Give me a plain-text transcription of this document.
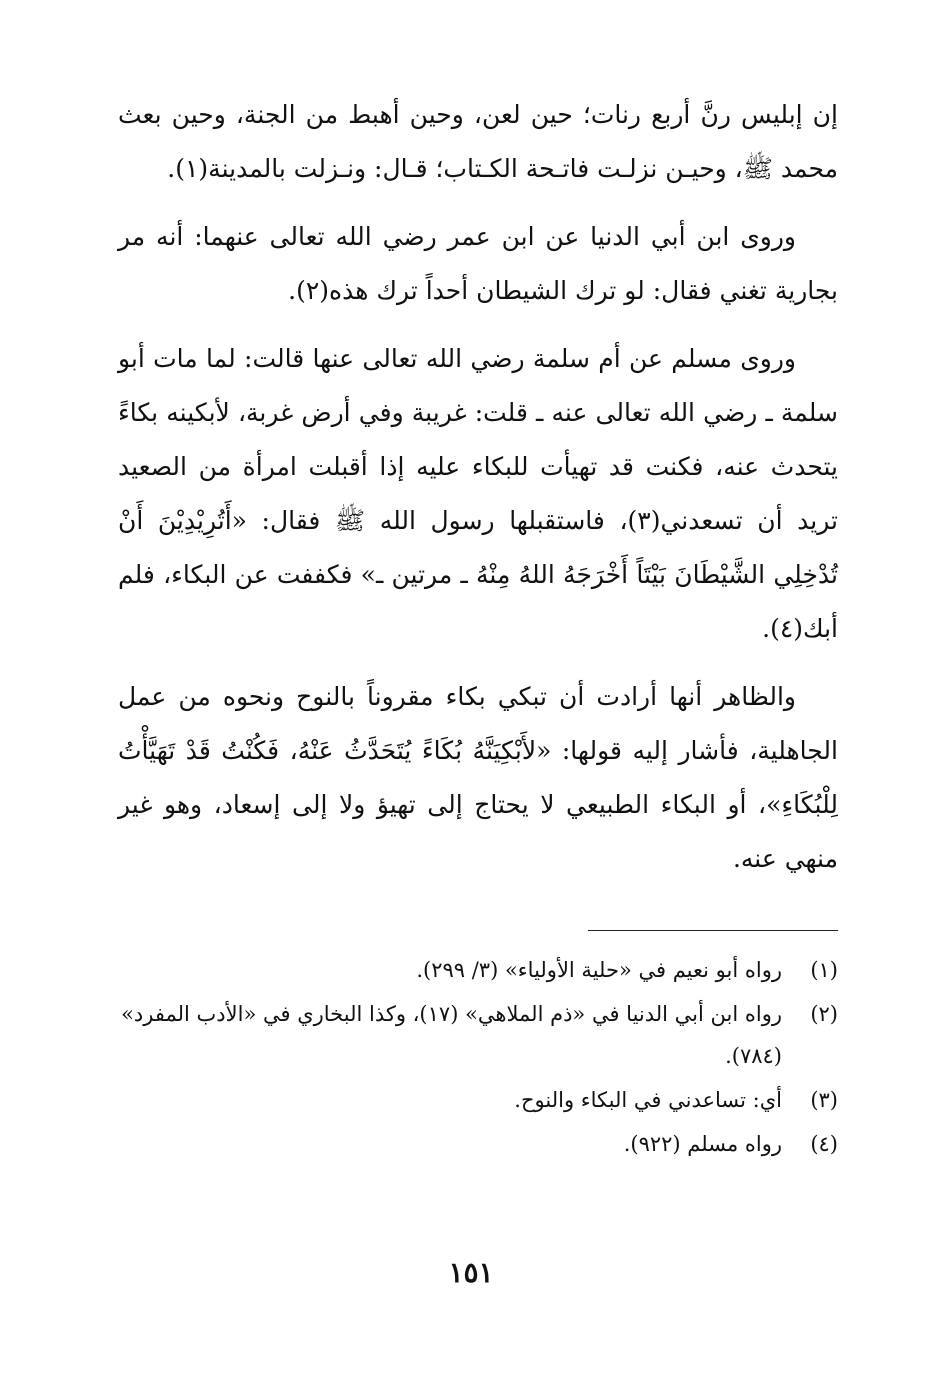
إن إبليس رنَّ أربع رنات؛ حين لعن، وحين أهبط من الجنة، وحين بعث محمد ﷺ، وحيـن نزلـت فاتـحة الكـتاب؛ قـال: ونـزلت بالمدينة(١).

وروى ابن أبي الدنيا عن ابن عمر رضي الله تعالى عنهما: أنه مر بجارية تغني فقال: لو ترك الشيطان أحداً ترك هذه(٢).

وروى مسلم عن أم سلمة رضي الله تعالى عنها قالت: لما مات أبو سلمة ـ رضي الله تعالى عنه ـ قلت: غريبة وفي أرض غربة، لأبكينه بكاءً يتحدث عنه، فكنت قد تهيأت للبكاء عليه إذا أقبلت امرأة من الصعيد تريد أن تسعدني(٣)، فاستقبلها رسول الله ﷺ فقال: «أَتُرِيْدِيْنَ أَنْ تُدْخِلِي الشَّيْطَانَ بَيْتَاً أَخْرَجَهُ اللهُ مِنْهُ ـ مرتين ـ» فكففت عن البكاء، فلم أبك(٤).

والظاهر أنها أرادت أن تبكي بكاء مقروناً بالنوح ونحوه من عمل الجاهلية، فأشار إليه قولها: «لأَبْكِيَنَّهُ بُكَاءً يُتَحَدَّثُ عَنْهُ، فَكُنْتُ قَدْ تَهَيَّأْتُ لِلْبُكَاءِ»، أو البكاء الطبيعي لا يحتاج إلى تهيؤ ولا إلى إسعاد، وهو غير منهي عنه.

(١)
رواه أبو نعيم في «حلية الأولياء» (٣/ ٢٩٩).
(٢)
رواه ابن أبي الدنيا في «ذم الملاهي» (١٧)، وكذا البخاري في «الأدب المفرد» (٧٨٤).
(٣)
أي: تساعدني في البكاء والنوح.
(٤)
رواه مسلم (٩٢٢).
١٥١
